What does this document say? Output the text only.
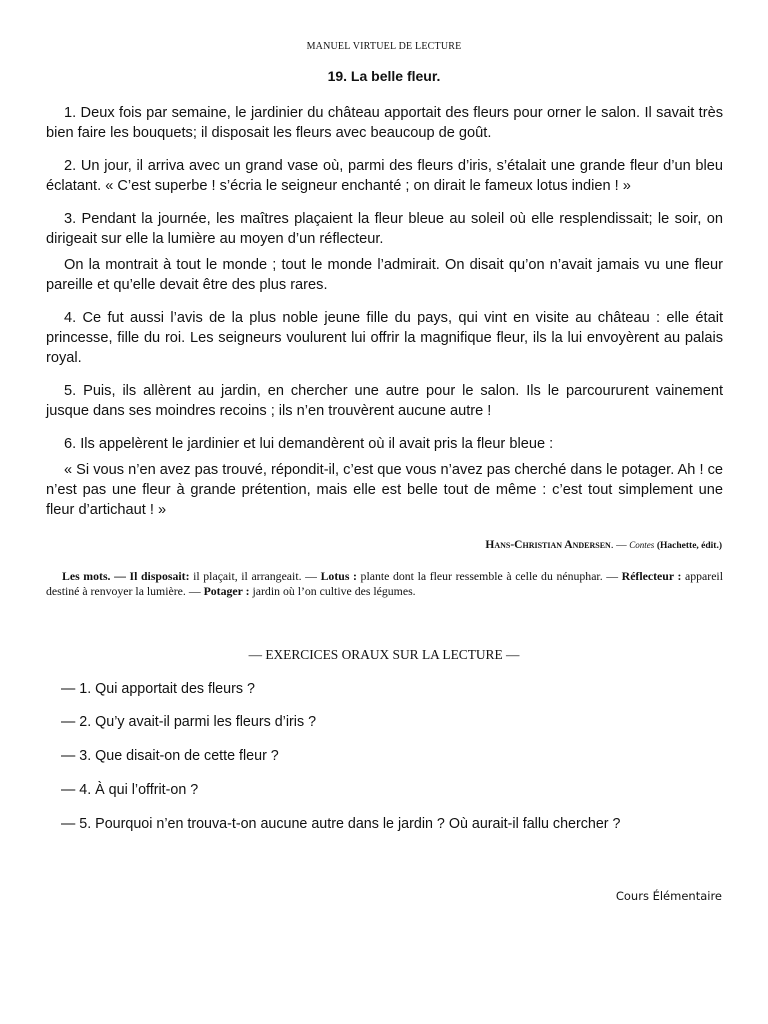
MANUEL VIRTUEL DE LECTURE
19. La belle fleur.

1. Deux fois par semaine, le jardinier du château apportait des fleurs pour orner le salon. Il savait très bien faire les bouquets; il disposait les fleurs avec beaucoup de goût.

2. Un jour, il arriva avec un grand vase où, parmi des fleurs d’iris, s’étalait une grande fleur d’un bleu éclatant. « C’est superbe ! s’écria le seigneur enchanté ; on dirait le fameux lotus indien ! »

3. Pendant la journée, les maîtres plaçaient la fleur bleue au soleil où elle resplendissait; le soir, on dirigeait sur elle la lumière au moyen d’un réflecteur.

On la montrait à tout le monde ; tout le monde l’admirait. On disait qu’on n’avait jamais vu une fleur pareille et qu’elle devait être des plus rares.

4. Ce fut aussi l’avis de la plus noble jeune fille du pays, qui vint en visite au château : elle était princesse, fille du roi. Les seigneurs voulurent lui offrir la magnifique fleur, ils la lui envoyèrent au palais royal.

5. Puis, ils allèrent au jardin, en chercher une autre pour le salon. Ils le parcoururent vainement jusque dans ses moindres recoins ; ils n’en trouvèrent aucune autre !

6. Ils appelèrent le jardinier et lui demandèrent où il avait pris la fleur bleue :

« Si vous n’en avez pas trouvé, répondit-il, c’est que vous n’avez pas cherché dans le potager. Ah ! ce n’est pas une fleur à grande prétention, mais elle est belle tout de même : c’est tout simplement une fleur d’artichaut ! »

Hans-Christian Andersen. — Contes (Hachette, édit.)

Les mots. — Il disposait: il plaçait, il arrangeait. — Lotus : plante dont la fleur ressemble à celle du nénuphar. — Réflecteur : appareil destiné à renvoyer la lumière. — Potager : jardin où l’on cultive des légumes.

— EXERCICES ORAUX SUR LA LECTURE —
— 1. Qui apportait des fleurs ?
— 2. Qu’y avait-il parmi les fleurs d’iris ?
— 3. Que disait-on de cette fleur ?
— 4. À qui l’offrit-on ?
— 5. Pourquoi n’en trouva-t-on aucune autre dans le jardin ? Où aurait-il fallu chercher ?
Cours Élémentaire
